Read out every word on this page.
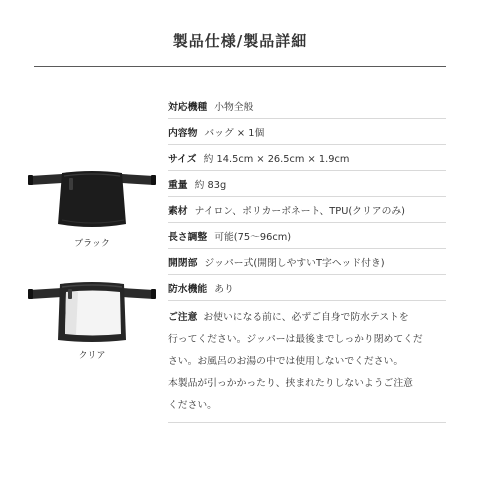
製品仕様/製品詳細
ブラック
クリア
対応機種 小物全般
内容物 バッグ × 1個
サイズ 約 14.5cm × 26.5cm × 1.9cm
重量 約 83g
素材 ナイロン、ポリカーボネート、TPU(クリアのみ)
長さ調整 可能(75～96cm)
開閉部 ジッパー式(開閉しやすいT字ヘッド付き)
防水機能 あり

ご注意 お使いになる前に、必ずご自身で防水テストを

行ってください。ジッパーは最後までしっかり閉めてくだ

さい。お風呂のお湯の中では使用しないでください。

本製品が引っかかったり、挟まれたりしないようご注意

ください。
